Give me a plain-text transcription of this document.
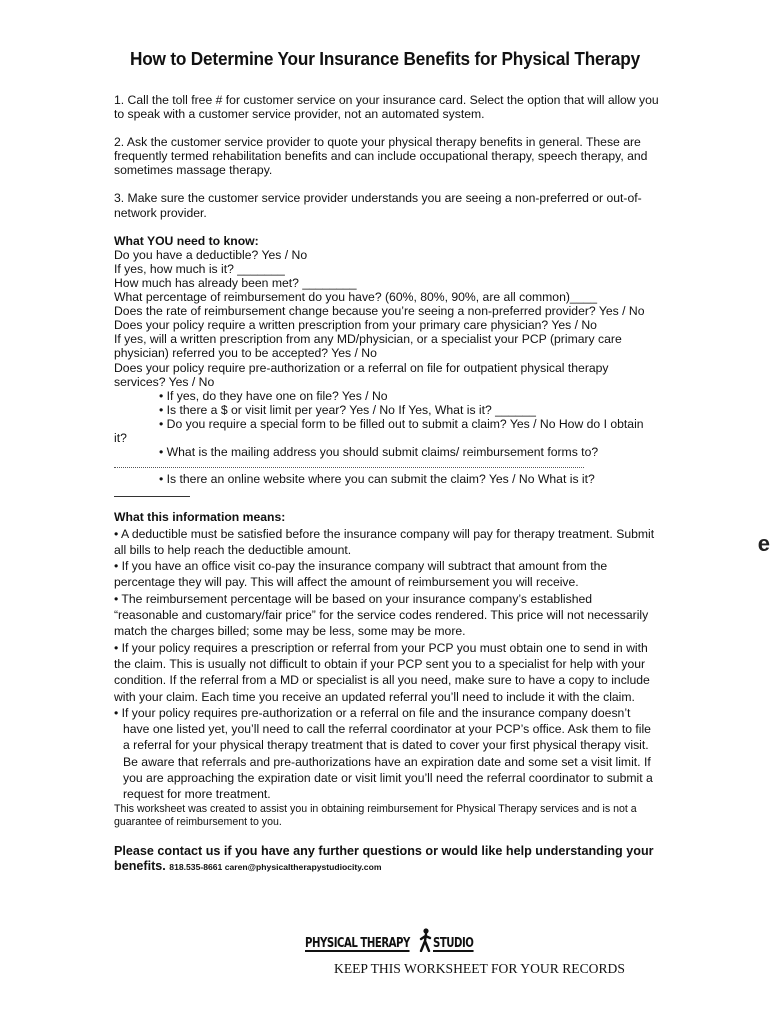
How to Determine Your Insurance Benefits for Physical Therapy

1. Call the toll free # for customer service on your insurance card. Select the option that will allow you to speak with a customer service provider, not an automated system.

2. Ask the customer service provider to quote your physical therapy benefits in general. These are frequently termed rehabilitation benefits and can include occupational therapy, speech therapy, and sometimes massage therapy.

3. Make sure the customer service provider understands you are seeing a non-preferred or out-of-network provider.

What YOU need to know:

Do you have a deductible? Yes / No

If yes, how much is it? _______

How much has already been met? ________

What percentage of reimbursement do you have? (60%, 80%, 90%, are all common)____

Does the rate of reimbursement change because you’re seeing a non-preferred provider? Yes / No

Does your policy require a written prescription from your primary care physician? Yes / No

If yes, will a written prescription from any MD/physician, or a specialist your PCP (primary care physician) referred you to be accepted? Yes / No

Does your policy require pre-authorization or a referral on file for outpatient physical therapy services? Yes / No

• If yes, do they have one on file? Yes / No

• Is there a $ or visit limit per year? Yes / No If Yes, What is it? ______

• Do you require a special form to be filled out to submit a claim? Yes / No How do I obtain it?

• What is the mailing address you should submit claims/ reimbursement forms to?

• Is there an online website where you can submit the claim? Yes / No What is it?

What this information means:

• A deductible must be satisfied before the insurance company will pay for therapy treatment. Submit all bills to help reach the deductible amount.

• If you have an office visit co-pay the insurance company will subtract that amount from the percentage they will pay. This will affect the amount of reimbursement you will receive.

• The reimbursement percentage will be based on your insurance company’s established “reasonable and customary/fair price” for the service codes rendered. This price will not necessarily match the charges billed; some may be less, some may be more.

• If your policy requires a prescription or referral from your PCP you must obtain one to send in with the claim. This is usually not difficult to obtain if your PCP sent you to a specialist for help with your condition. If the referral from a MD or specialist is all you need, make sure to have a copy to include with your claim. Each time you receive an updated referral you’ll need to include it with the claim.

• If your policy requires pre-authorization or a referral on file and the insurance company doesn’t have one listed yet, you’ll need to call the referral coordinator at your PCP’s office. Ask them to file a referral for your physical therapy treatment that is dated to cover your first physical therapy visit. Be aware that referrals and pre-authorizations have an expiration date and some set a visit limit. If you are approaching the expiration date or visit limit you’ll need the referral coordinator to submit a request for more treatment.

This worksheet was created to assist you in obtaining reimbursement for Physical Therapy services and is not a guarantee of reimbursement to you.

Please contact us if you have any further questions or would like help understanding your benefits. 818.535-8661 caren@physicaltherapystudiocity.com

PHYSICAL THERAPY STUDIO
KEEP THIS WORKSHEET FOR YOUR RECORDS
e
